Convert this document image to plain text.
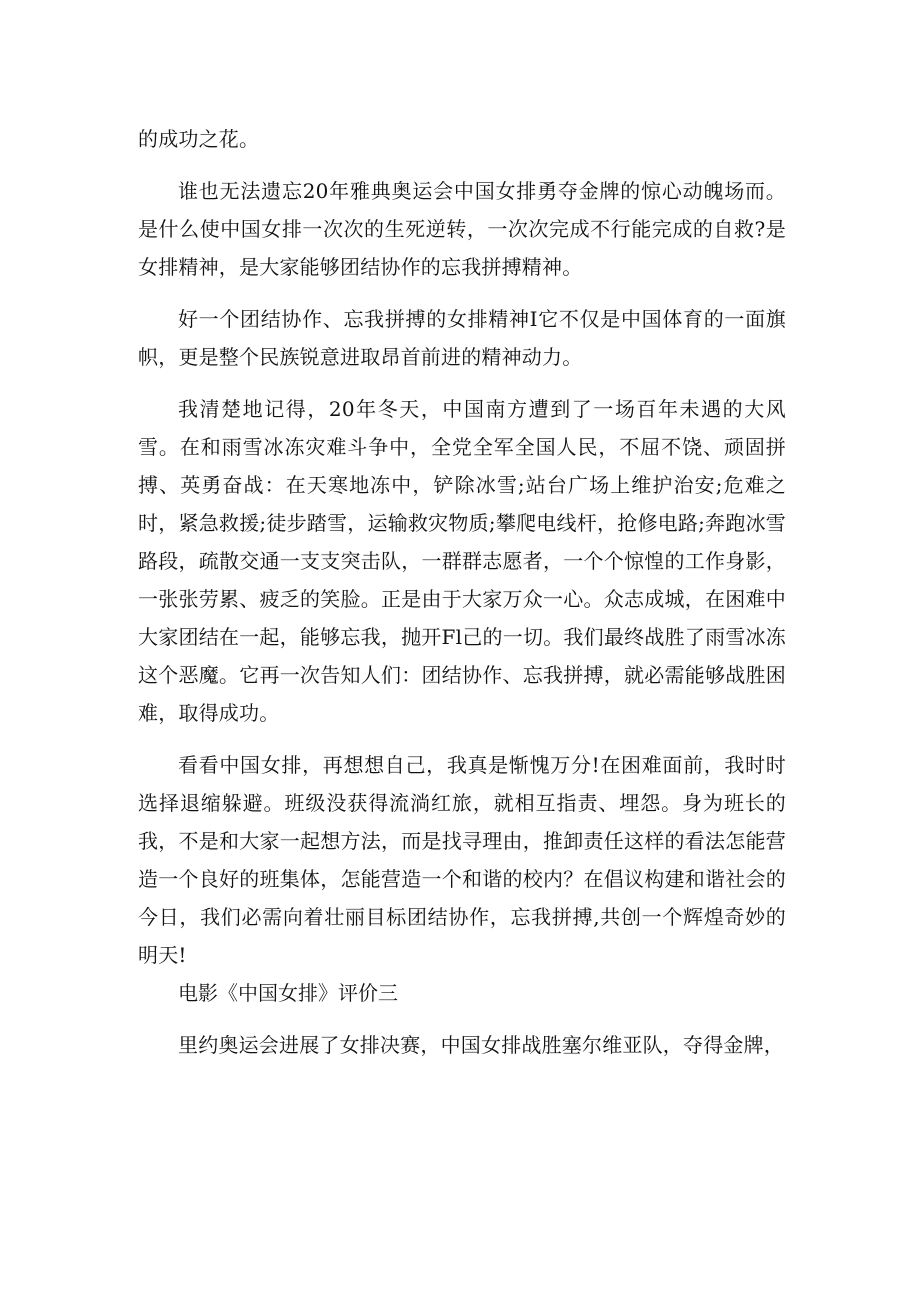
的成功之花。

谁也无法遗忘20年雅典奥运会中国女排勇夺金牌的惊心动魄场而。是什么使中国女排一次次的生死逆转，一次次完成不行能完成的自救?是女排精神，是大家能够团结协作的忘我拼搏精神。

好一个团结协作、忘我拼搏的女排精神I它不仅是中国体育的一面旗帜，更是整个民族锐意进取昂首前进的精神动力。

我清楚地记得，20年冬天，中国南方遭到了一场百年未遇的大风雪。在和雨雪冰冻灾难斗争中，全党全军全国人民，不屈不饶、顽固拼搏、英勇奋战：在天寒地冻中，铲除冰雪;站台广场上维护治安;危难之时，紧急救援;徒步踏雪，运输救灾物质;攀爬电线杆，抢修电路;奔跑冰雪路段，疏散交通一支支突击队，一群群志愿者，一个个惊惶的工作身影，一张张劳累、疲乏的笑脸。正是由于大家万众一心。众志成城，在困难中大家团结在一起，能够忘我，抛开Fl己的一切。我们最终战胜了雨雪冰冻这个恶魔。它再一次告知人们：团结协作、忘我拼搏，就必需能够战胜困难，取得成功。

看看中国女排，再想想自己，我真是惭愧万分!在困难面前，我时时选择退缩躲避。班级没获得流淌红旅，就相互指责、埋怨。身为班长的我，不是和大家一起想方法，而是找寻理由，推卸责任这样的看法怎能营造一个良好的班集体，怎能营造一个和谐的校内？在倡议构建和谐社会的今日，我们必需向着壮丽目标团结协作，忘我拼搏,共创一个辉煌奇妙的明天!

电影《中国女排》评价三

里约奥运会进展了女排决赛，中国女排战胜塞尔维亚队，夺得金牌，
